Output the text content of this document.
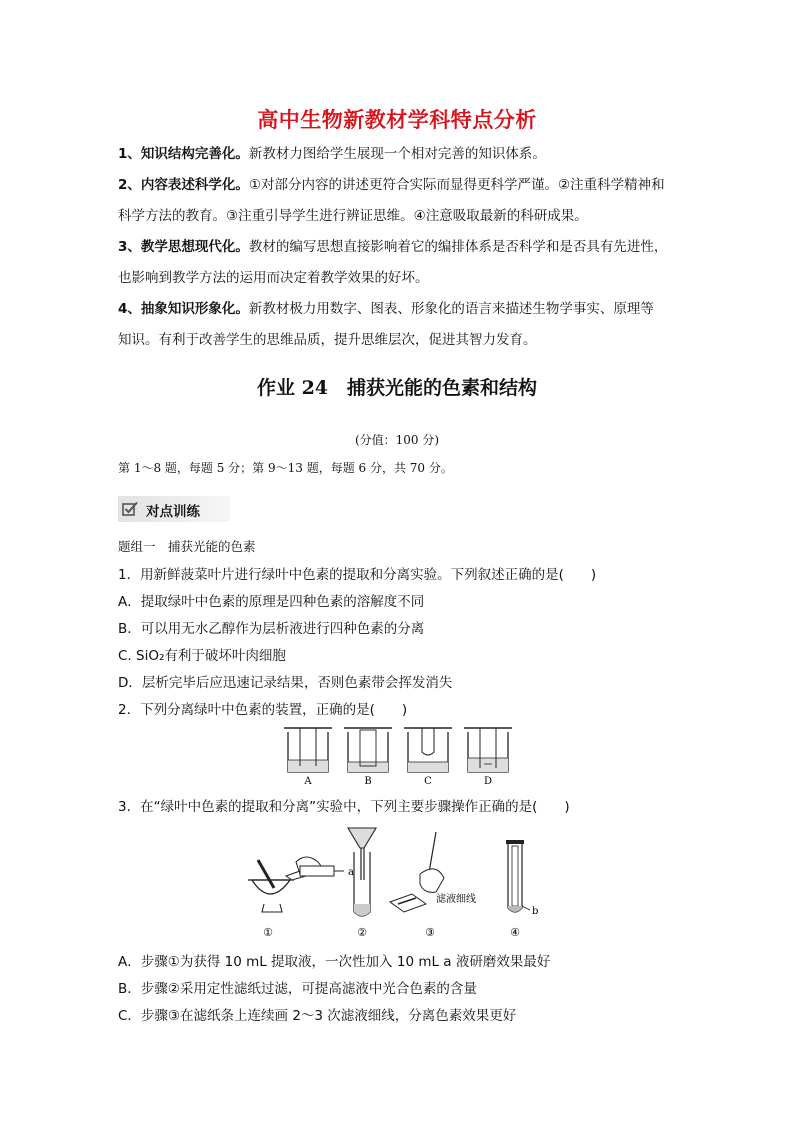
高中生物新教材学科特点分析
1、知识结构完善化。新教材力图给学生展现一个相对完善的知识体系。
2、内容表述科学化。①对部分内容的讲述更符合实际而显得更科学严谨。②注重科学精神和
科学方法的教育。③注重引导学生进行辨证思维。④注意吸取最新的科研成果。
3、教学思想现代化。教材的编写思想直接影响着它的编排体系是否科学和是否具有先进性，
也影响到教学方法的运用而决定着教学效果的好坏。
4、抽象知识形象化。新教材极力用数字、图表、形象化的语言来描述生物学事实、原理等
知识。有利于改善学生的思维品质，提升思维层次，促进其智力发育。
作业 24　捕获光能的色素和结构
(分值：100 分)
第 1～8 题，每题 5 分；第 9～13 题，每题 6 分，共 70 分。
对点训练
题组一　捕获光能的色素
1．用新鲜菠菜叶片进行绿叶中色素的提取和分离实验。下列叙述正确的是(　　)
A．提取绿叶中色素的原理是四种色素的溶解度不同
B．可以用无水乙醇作为层析液进行四种色素的分离
C. SiO₂有利于破坏叶肉细胞
D．层析完毕后应迅速记录结果，否则色素带会挥发消失
2．下列分离绿叶中色素的装置，正确的是(　　)
A	B	C	D
3．在“绿叶中色素的提取和分离”实验中，下列主要步骤操作正确的是(　　)
a
①	②
滤液细线
③
b
④
A．步骤①为获得 10 mL 提取液，一次性加入 10 mL a 液研磨效果最好
B．步骤②采用定性滤纸过滤，可提高滤液中光合色素的含量
C．步骤③在滤纸条上连续画 2～3 次滤液细线，分离色素效果更好
